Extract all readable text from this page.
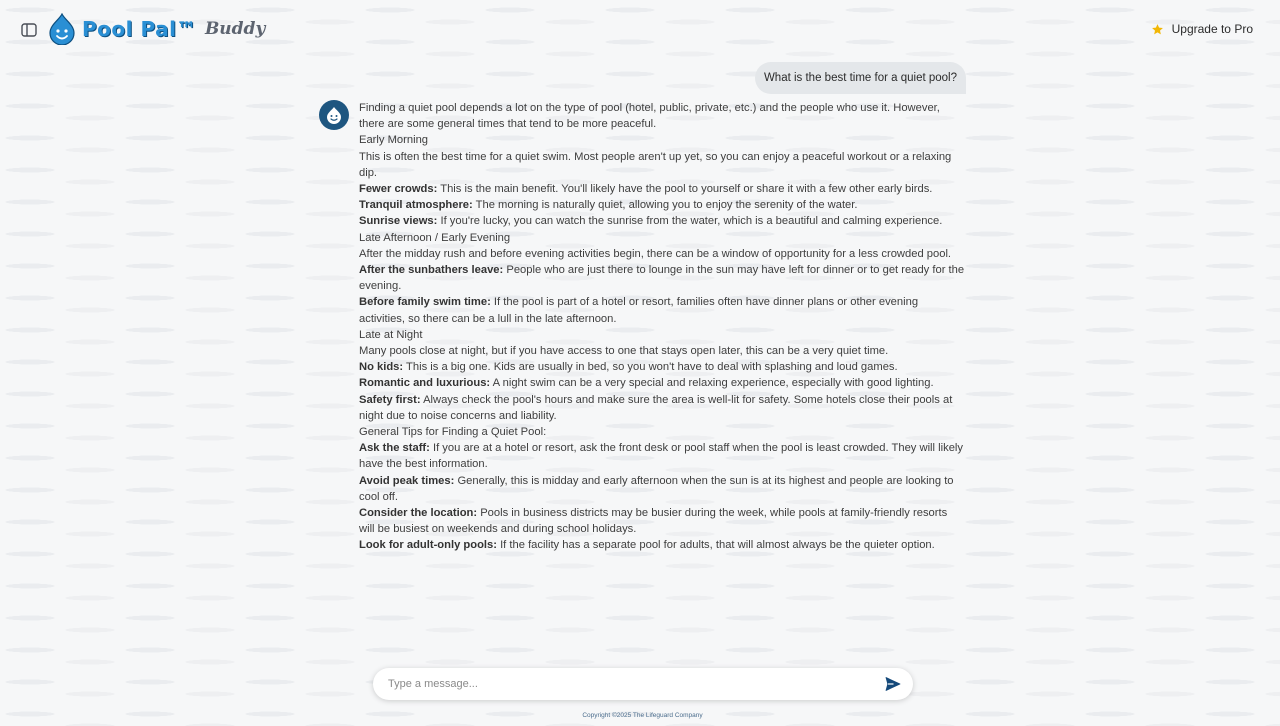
Pool Pal™ Buddy	Upgrade to Pro
What is the best time for a quiet pool?

Finding a quiet pool depends a lot on the type of pool (hotel, public, private, etc.) and the people who use it. However, there are some general times that tend to be more peaceful.

Early Morning

This is often the best time for a quiet swim. Most people aren't up yet, so you can enjoy a peaceful workout or a relaxing dip.

Fewer crowds: This is the main benefit. You'll likely have the pool to yourself or share it with a few other early birds.

Tranquil atmosphere: The morning is naturally quiet, allowing you to enjoy the serenity of the water.

Sunrise views: If you're lucky, you can watch the sunrise from the water, which is a beautiful and calming experience.

Late Afternoon / Early Evening

After the midday rush and before evening activities begin, there can be a window of opportunity for a less crowded pool.

After the sunbathers leave: People who are just there to lounge in the sun may have left for dinner or to get ready for the evening.

Before family swim time: If the pool is part of a hotel or resort, families often have dinner plans or other evening activities, so there can be a lull in the late afternoon.

Late at Night

Many pools close at night, but if you have access to one that stays open later, this can be a very quiet time.

No kids: This is a big one. Kids are usually in bed, so you won't have to deal with splashing and loud games.

Romantic and luxurious: A night swim can be a very special and relaxing experience, especially with good lighting.

Safety first: Always check the pool's hours and make sure the area is well-lit for safety. Some hotels close their pools at night due to noise concerns and liability.

General Tips for Finding a Quiet Pool:

Ask the staff: If you are at a hotel or resort, ask the front desk or pool staff when the pool is least crowded. They will likely have the best information.

Avoid peak times: Generally, this is midday and early afternoon when the sun is at its highest and people are looking to cool off.

Consider the location: Pools in business districts may be busier during the week, while pools at family-friendly resorts will be busiest on weekends and during school holidays.

Look for adult-only pools: If the facility has a separate pool for adults, that will almost always be the quieter option.

Type a message...
Copyright ©2025 The Lifeguard Company
